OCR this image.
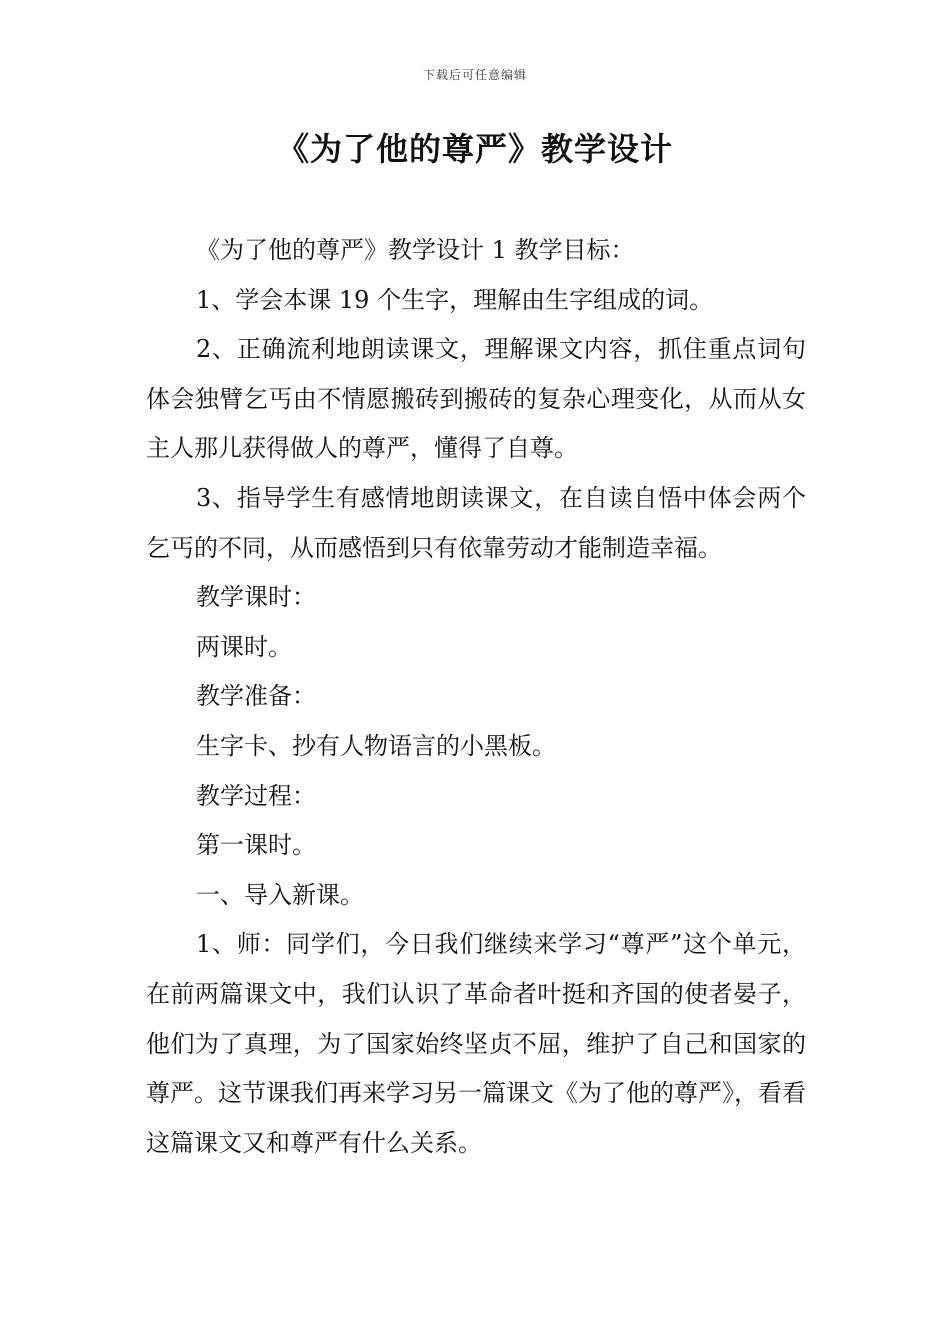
下载后可任意编辑
《为了他的尊严》教学设计

《为了他的尊严》教学设计 1 教学目标：

1、学会本课 19 个生字，理解由生字组成的词。

2、正确流利地朗读课文，理解课文内容，抓住重点词句体会独臂乞丐由不情愿搬砖到搬砖的复杂心理变化，从而从女主人那儿获得做人的尊严，懂得了自尊。

3、指导学生有感情地朗读课文，在自读自悟中体会两个乞丐的不同，从而感悟到只有依靠劳动才能制造幸福。

教学课时：

两课时。

教学准备：

生字卡、抄有人物语言的小黑板。

教学过程：

第一课时。

一、导入新课。

1、师：同学们，今日我们继续来学习“尊严”这个单元，在前两篇课文中，我们认识了革命者叶挺和齐国的使者晏子，他们为了真理，为了国家始终坚贞不屈，维护了自己和国家的尊严。这节课我们再来学习另一篇课文《为了他的尊严》，看看这篇课文又和尊严有什么关系。
